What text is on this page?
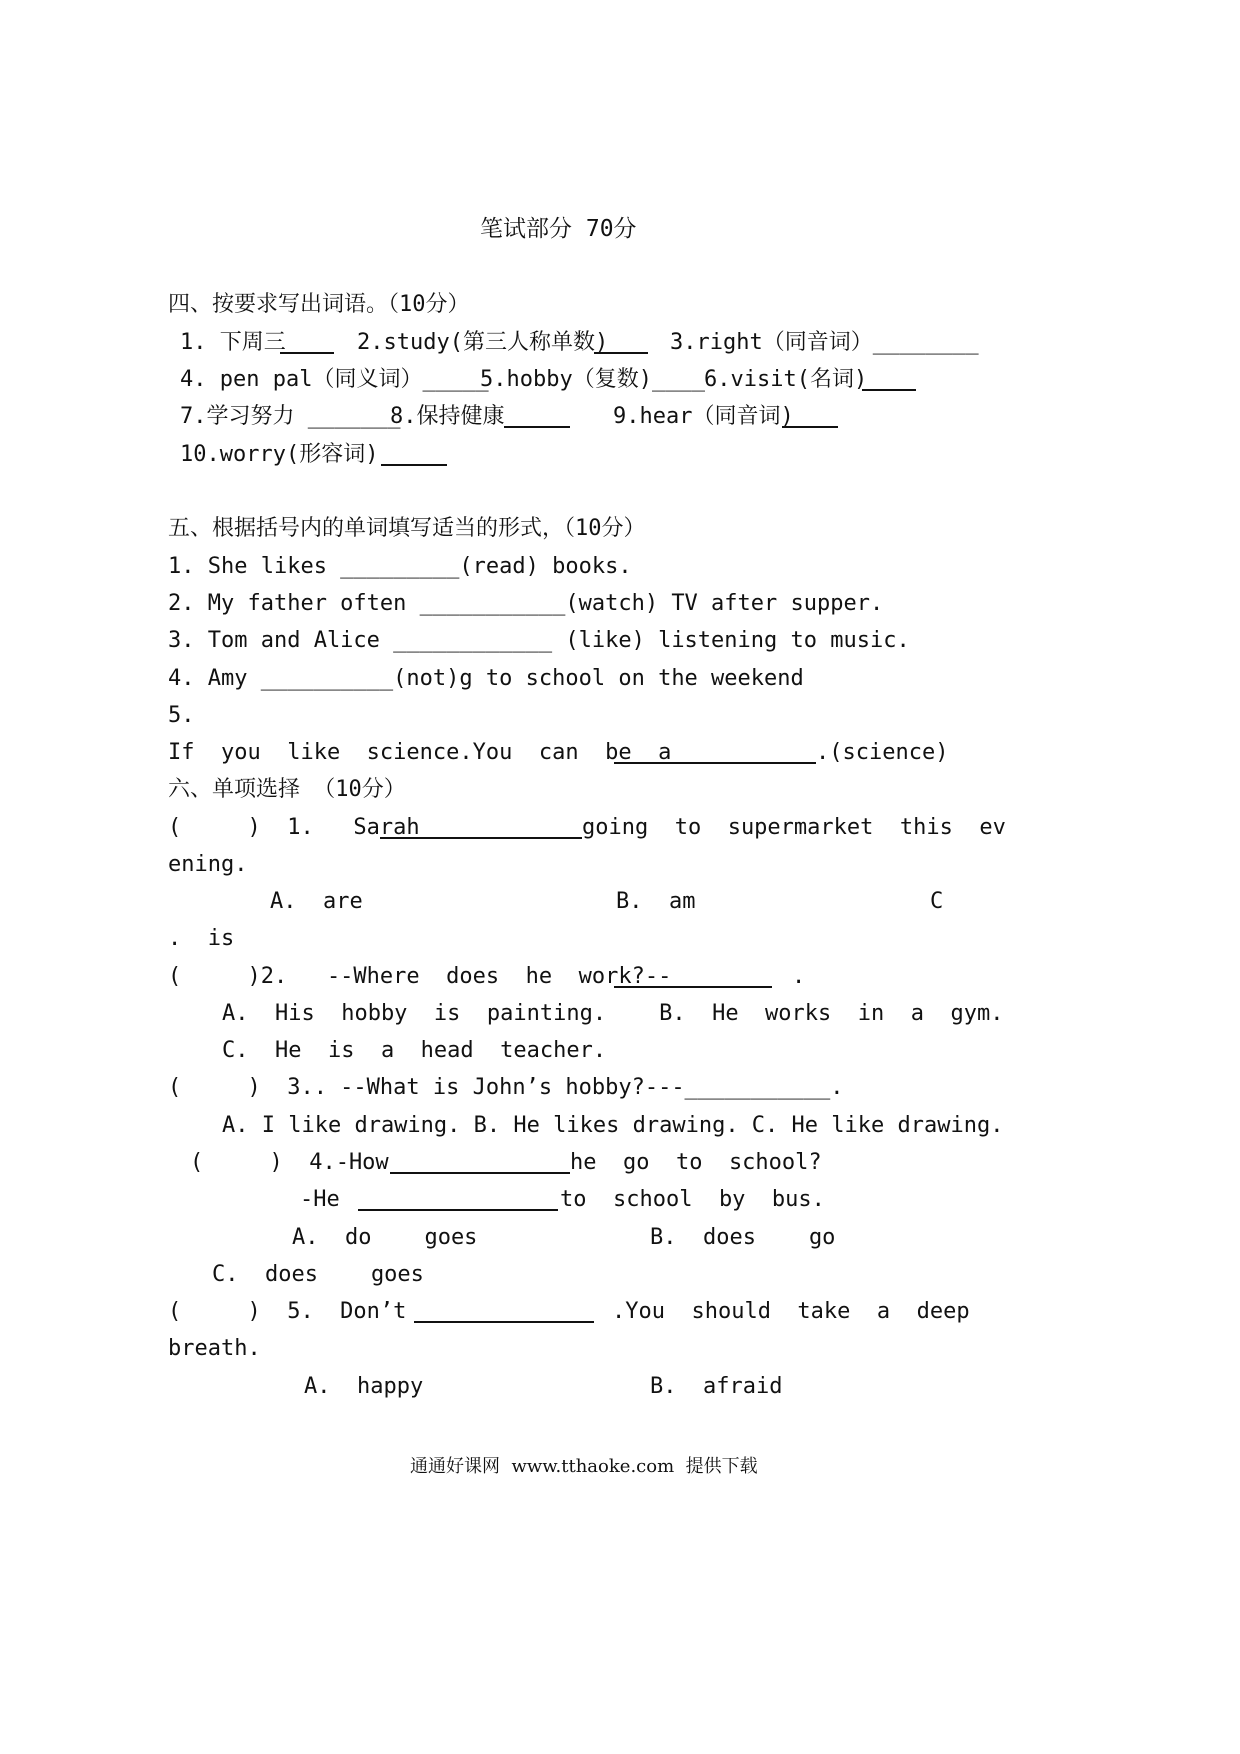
笔试部分 70分
四、按要求写出词语。（10分）
1. 下周三	2.study(第三人称单数)	3.right（同音词）________
4. pen pal（同义词）_____
5.hobby（复数)____ 6.visit(名词)
7.学习努力 _______
8.保持健康	9.hear（同音词)
10.worry(形容词)
五、根据括号内的单词填写适当的形式，（10分）
1. She likes _________(read) books.
2. My father often ___________(watch) TV after supper.
3. Tom and Alice ____________ (like) listening to music.
4. Amy __________(not)g to school on the weekend
5.
If  you  like  science.You  can  be  a	.(science)
六、单项选择 （10分）
(     )  1.   Sarah	going  to  supermarket  this  ev
ening.
A.  are	B.  am	C
.  is
(     )2.   --Where  does  he  work?--	.
A.  His  hobby  is  painting.    B.  He  works  in  a  gym.
C.  He  is  a  head  teacher.
(     )  3.. --What is John’s hobby?---___________.
A. I like drawing. B. He likes drawing. C. He like drawing.
(     )  4.-How	he  go  to  school?
-He	to  school  by  bus.
A.  do    goes	B.  does    go
C.  does    goes
(     )  5.  Don’t	.You  should  take  a  deep
breath.
A.  happy	B.  afraid
通通好课网  www.tthaoke.com  提供下载
